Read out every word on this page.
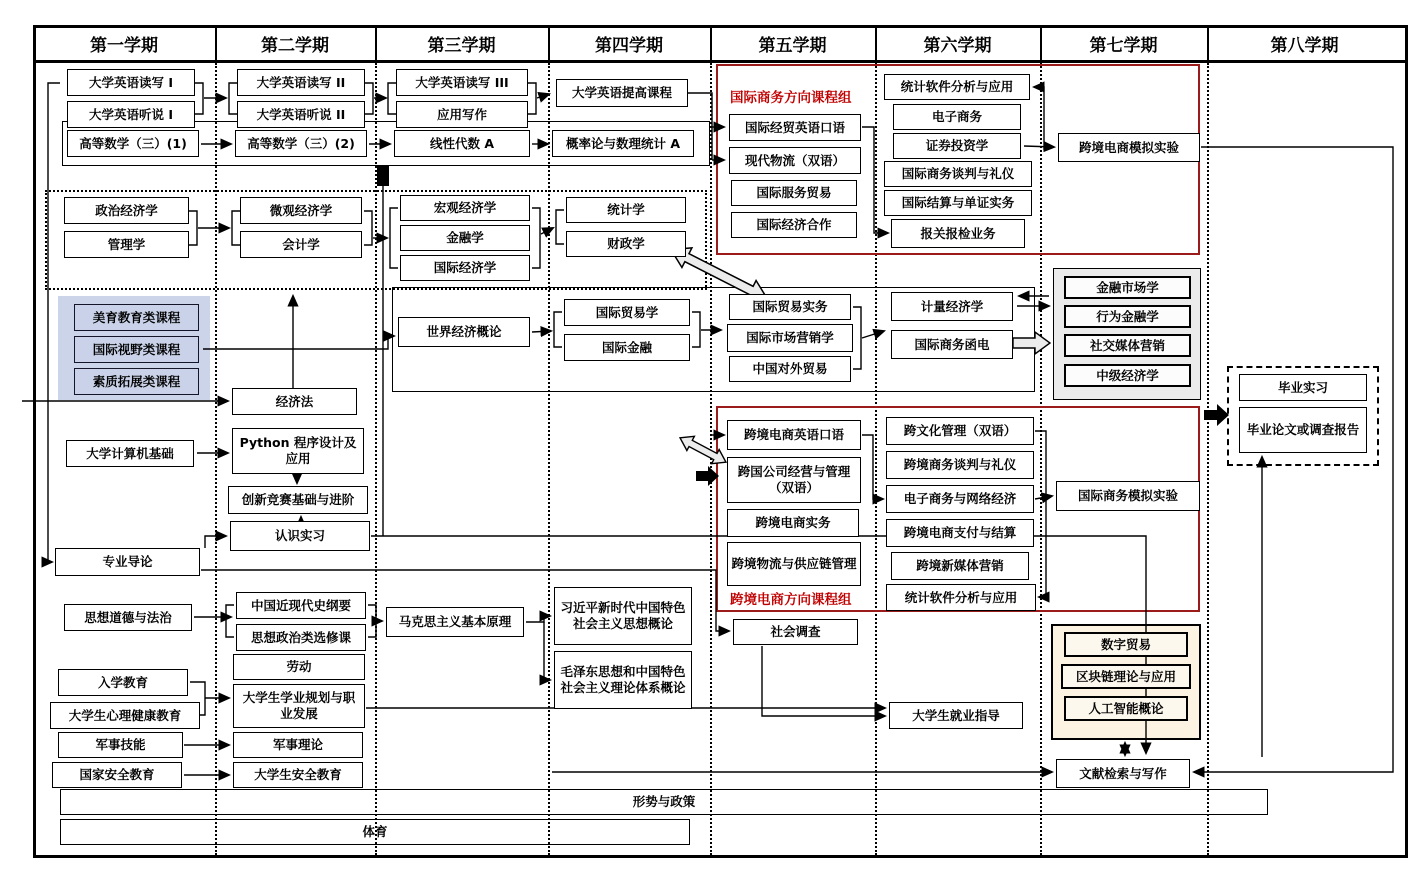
第一学期	第二学期	第三学期	第四学期	第五学期	第六学期	第七学期	第八学期
国际商务方向课程组
跨境电商方向课程组
形势与政策
体育
大学英语读写 I
大学英语听说 I
高等数学（三）(1)
政治经济学
管理学
美育教育类课程
国际视野类课程
素质拓展类课程
大学计算机基础
专业导论
思想道德与法治
入学教育
大学生心理健康教育
军事技能
国家安全教育
大学英语读写 II
大学英语听说 II
高等数学（三）(2)
微观经济学
会计学
经济法
Python 程序设计及应用
创新竞赛基础与进阶
认识实习
中国近现代史纲要
思想政治类选修课
劳动
大学生学业规划与职业发展
军事理论
大学生安全教育
大学英语读写 III
应用写作
线性代数 A
宏观经济学
金融学
国际经济学
世界经济概论
马克思主义基本原理
大学英语提高课程
概率论与数理统计 A
统计学
财政学
国际贸易学
国际金融
习近平新时代中国特色社会主义思想概论
毛泽东思想和中国特色社会主义理论体系概论
国际经贸英语口语
现代物流（双语）
国际服务贸易
国际经济合作
国际贸易实务
国际市场营销学
中国对外贸易
跨境电商英语口语
跨国公司经营与管理（双语）
跨境电商实务
跨境物流与供应链管理
社会调查
统计软件分析与应用
电子商务
证券投资学
国际商务谈判与礼仪
国际结算与单证实务
报关报检业务
计量经济学
国际商务函电
跨文化管理（双语）
跨境商务谈判与礼仪
电子商务与网络经济
跨境电商支付与结算
跨境新媒体营销
统计软件分析与应用
大学生就业指导
跨境电商模拟实验
金融市场学
行为金融学
社交媒体营销
中级经济学
国际商务模拟实验
数字贸易
区块链理论与应用
人工智能概论
文献检索与写作
毕业实习
毕业论文或调查报告
